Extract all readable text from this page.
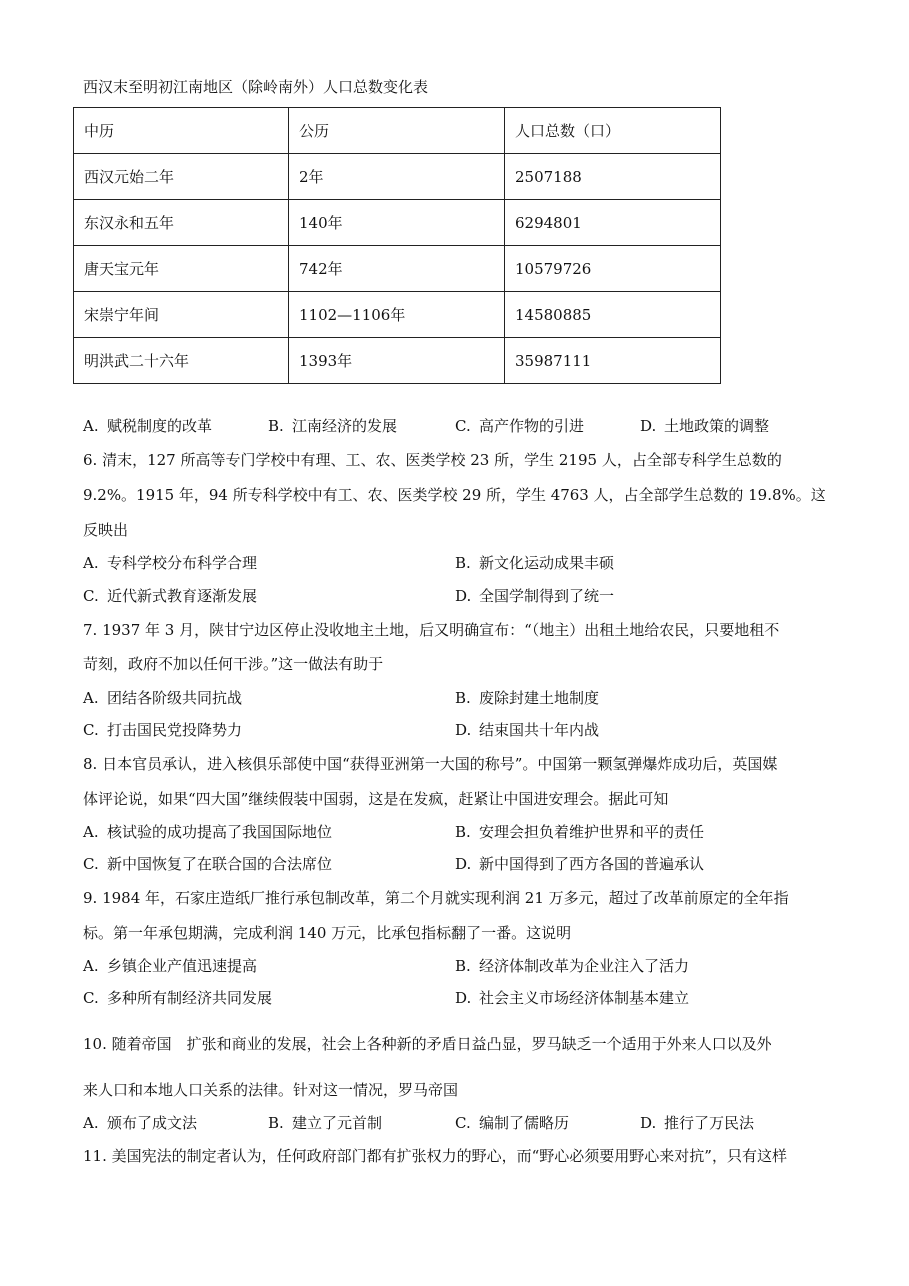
西汉末至明初江南地区（除岭南外）人口总数变化表
中历	公历	人口总数（口）
西汉元始二年	2年	2507188
东汉永和五年	140年	6294801
唐天宝元年	742年	10579726
宋崇宁年间	1102—1106年	14580885
明洪武二十六年	1393年	35987111
A. 赋税制度的改革	B. 江南经济的发展	C. 高产作物的引进	D. 土地政策的调整
6. 清末，127 所高等专门学校中有理、工、农、医类学校 23 所，学生 2195 人，占全部专科学生总数的
9.2%。1915 年，94 所专科学校中有工、农、医类学校 29 所，学生 4763 人，占全部学生总数的 19.8%。这
反映出
A. 专科学校分布科学合理	B. 新文化运动成果丰硕
C. 近代新式教育逐渐发展	D. 全国学制得到了统一
7. 1937 年 3 月，陕甘宁边区停止没收地主土地，后又明确宣布：“（地主）出租土地给农民，只要地租不
苛刻，政府不加以任何干涉。”这一做法有助于
A. 团结各阶级共同抗战	B. 废除封建土地制度
C. 打击国民党投降势力	D. 结束国共十年内战
8. 日本官员承认，进入核俱乐部使中国“获得亚洲第一大国的称号”。中国第一颗氢弹爆炸成功后，英国媒
体评论说，如果“四大国”继续假装中国弱，这是在发疯，赶紧让中国进安理会。据此可知
A. 核试验的成功提高了我国国际地位	B. 安理会担负着维护世界和平的责任
C. 新中国恢复了在联合国的合法席位	D. 新中国得到了西方各国的普遍承认
9. 1984 年，石家庄造纸厂推行承包制改革，第二个月就实现利润 21 万多元，超过了改革前原定的全年指
标。第一年承包期满，完成利润 140 万元，比承包指标翻了一番。这说明
A. 乡镇企业产值迅速提高	B. 经济体制改革为企业注入了活力
C. 多种所有制经济共同发展	D. 社会主义市场经济体制基本建立
10. 随着帝国　扩张和商业的发展，社会上各种新的矛盾日益凸显，罗马缺乏一个适用于外来人口以及外
来人口和本地人口关系的法律。针对这一情况，罗马帝国
A. 颁布了成文法	B. 建立了元首制	C. 编制了儒略历	D. 推行了万民法
11. 美国宪法的制定者认为，任何政府部门都有扩张权力的野心，而“野心必须要用野心来对抗”，只有这样
